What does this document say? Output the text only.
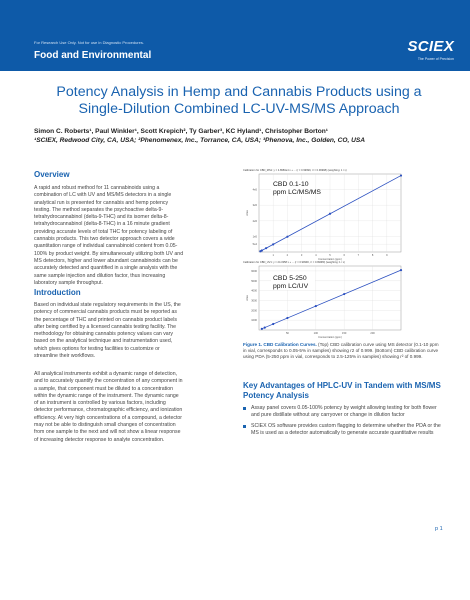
For Research Use Only. Not for use in Diagnostic Procedures.
Food and Environmental
SCIEX
The Power of Precision
Potency Analysis in Hemp and Cannabis Products using a Single-Dilution Combined LC-UV-MS/MS Approach
Simon C. Roberts¹, Paul Winkler¹, Scott Krepich², Ty Garber³, KC Hyland¹, Christopher Borton¹
¹SCIEX, Redwood City, CA, USA; ²Phenomenex, Inc., Torrance, CA, USA; ³Phenova, Inc., Golden, CO, USA
Overview
A rapid and robust method for 11 cannabinoids using a
combination of LC with UV and MS/MS detectors in a single
analytical run is presented for cannabis and hemp potency
testing. The method separates the psychoactive delta-9-
tetrahydrocannabinol (delta-9-THC) and its isomer delta-8-
tetrahydrocannabinol (delta-8-THC) in a 16 minute gradient
providing accurate levels of total THC for potency labeling of
cannabis products. This two detector approach covers a wide
quantitation range of individual cannabinoid content from 0.05-
100% by product weight. By simultaneously utilizing both UV and
MS detectors, higher and lower abundant cannabinoids can be
accurately detected and quantified in a single analysis with the
same sample injection and dilution factor, thus increasing
laboratory sample throughput.
Introduction
Based on individual state regulatory requirements in the US, the
potency of commercial cannabis products must be reported as
the percentage of THC and printed on cannabis product labels
after being certified by a licensed cannabis testing facility. The
methodology for obtaining cannabis potency values can vary
based on the analytical technique and instrumentation used,
which gives options for testing facilities to customize or
streamline their workflows.
All analytical instruments exhibit a dynamic range of detection,
and to accurately quantify the concentration of any component in
a sample, that component must be diluted to a concentration
within the dynamic range of the instrument. The dynamic range
of an instrument is controlled by various factors, including
detector performance, chromatographic efficiency, and ionization
efficiency. At very high concentrations of a compound, a detector
may not be able to distinguish small changes of concentration
from one sample to the next and will not show a linear response
of increasing detector response to analyte concentration.
Calibration for CBD_MS1: y = 4.8983e4 x + ... (r = 0.99999, r² = 0.99998) (weighting: 1 / x)
5e4
1e5
2e5
3e5
4e5
1	2	3	4	5	6	7	8	9
Concentration (ppm)
Area
CBD 0.1-10
ppm LC/MS/MS
Calibration for CBD_UV1: y = 24.3358 x + ... (r = 0.99990, r² = 0.99980) (weighting: 1 / x)
1000
2000
3000
4000
5000
6000
50	100	150	200
Concentration (ppm)
Area
CBD 5-250
ppm LC/UV
Figure 1. CBD Calibration Curves. (Top) CBD calibration curve using MS detector (0.1-10 ppm in vial, corresponds to 0.05-5% in samples) showing r2 of 0.999. (Bottom) CBD calibration curve using PDA (5-250 ppm in vial, corresponds to 2.5-125% in samples) showing r² of 0.999.
Key Advantages of HPLC-UV in Tandem with MS/MS Potency Analysis
Assay panel covers 0.05-100% potency by weight allowing testing for both flower and pure distillate without any carryover or change in dilution factor
SCIEX OS software provides custom flagging to determine whether the PDA or the MS is used as a detector automatically to generate accurate quantitative results
p 1
